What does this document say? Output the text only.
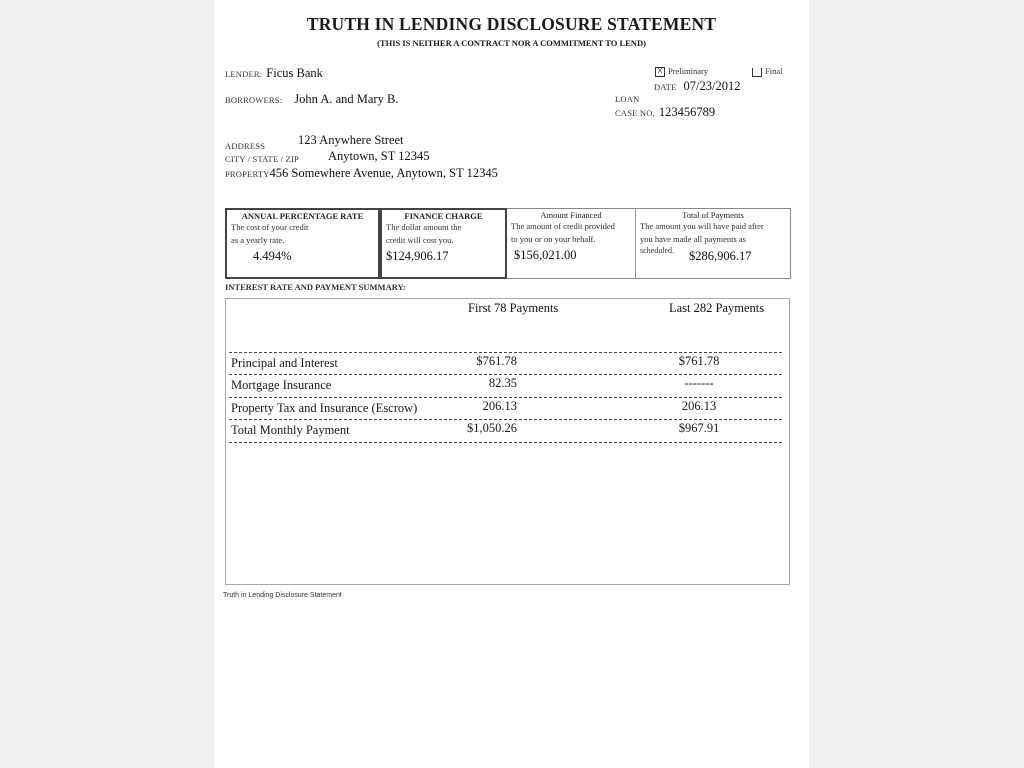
TRUTH IN LENDING DISCLOSURE STATEMENT
(THIS IS NEITHER A CONTRACT NOR A COMMITMENT TO LEND)
LENDER: Ficus Bank
BORROWERS: John A. and Mary B.
X Preliminary	Final
DATE 07/23/2012
LOAN
CASE NO. 123456789
ADDRESS	123 Anywhere Street
CITY / STATE / ZIP Anytown, ST 12345
PROPERTY456 Somewhere Avenue, Anytown, ST 12345
ANNUAL PERCENTAGE RATE
The cost of your credit
as a yearly rate.
4.494%
FINANCE CHARGE
The dollar amount the
credit will cost you.
$124,906.17
Amount Financed
The amount of credit provided
to you or on your behalf.
$156,021.00
Total of Payments
The amount you will have paid after
you have made all payments as
scheduled. $286,906.17
INTEREST RATE AND PAYMENT SUMMARY:
First 78 Payments	Last 282 Payments
Principal and Interest	$761.78	$761.78
Mortgage Insurance	82.35	-------
Property Tax and Insurance (Escrow)	206.13	206.13
Total Monthly Payment	$1,050.26	$967.91
Truth in Lending Disclosure Statement
